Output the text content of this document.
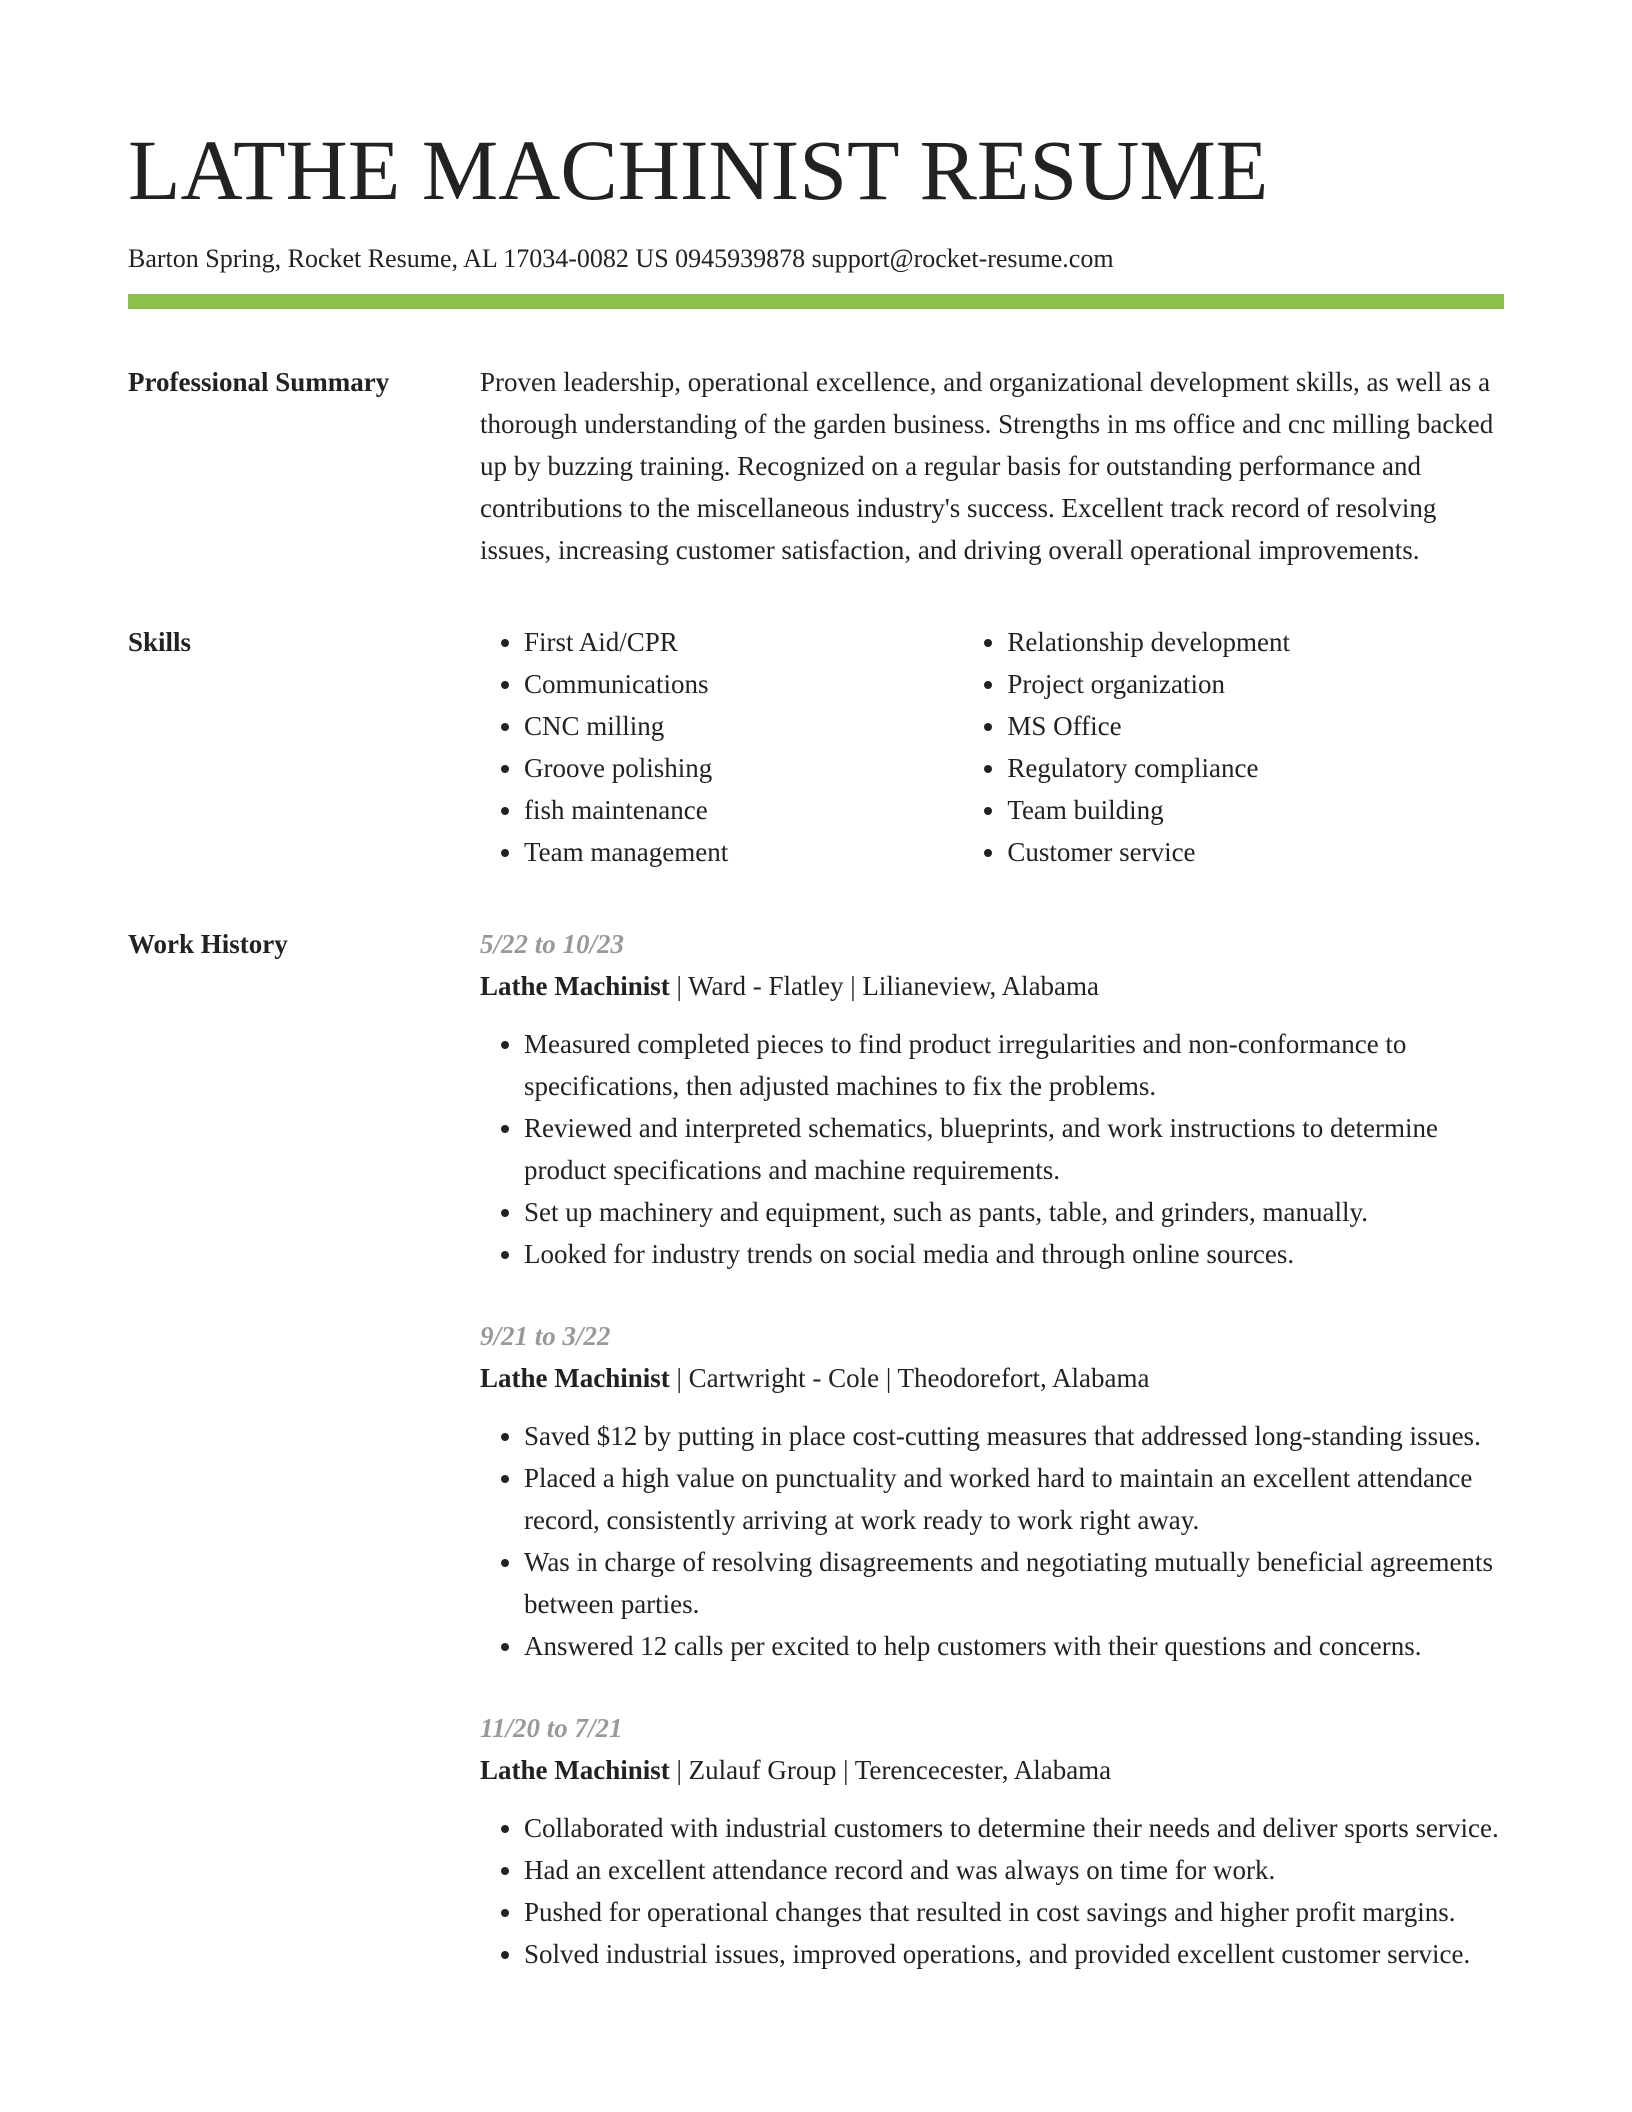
LATHE MACHINIST RESUME
Barton Spring, Rocket Resume, AL 17034-0082 US 0945939878 support@rocket-resume.com
Professional Summary	Proven leadership, operational excellence, and organizational development skills, as well as a thorough understanding of the garden business. Strengths in ms office and cnc milling backed up by buzzing training. Recognized on a regular basis for outstanding performance and contributions to the miscellaneous industry's success. Excellent track record of resolving issues, increasing customer satisfaction, and driving overall operational improvements.

Skills
•	First Aid/CPR
• Communications
• CNC milling
• Groove polishing
• fish maintenance
• Team management
• Relationship development
• Project organization
• MS Office
• Regulatory compliance
• Team building
• Customer service
Work History	5/22 to 10/23
Lathe Machinist | Ward - Flatley | Lilianeview, Alabama
• Measured completed pieces to find product irregularities and non-conformance to specifications, then adjusted machines to fix the problems.
• Reviewed and interpreted schematics, blueprints, and work instructions to determine product specifications and machine requirements.
• Set up machinery and equipment, such as pants, table, and grinders, manually.
• Looked for industry trends on social media and through online sources.
9/21 to 3/22
Lathe Machinist | Cartwright - Cole | Theodorefort, Alabama
• Saved $12 by putting in place cost-cutting measures that addressed long-standing issues.
• Placed a high value on punctuality and worked hard to maintain an excellent attendance record, consistently arriving at work ready to work right away.
• Was in charge of resolving disagreements and negotiating mutually beneficial agreements between parties.
• Answered 12 calls per excited to help customers with their questions and concerns.
11/20 to 7/21
Lathe Machinist | Zulauf Group | Terencecester, Alabama
• Collaborated with industrial customers to determine their needs and deliver sports service.
• Had an excellent attendance record and was always on time for work.
• Pushed for operational changes that resulted in cost savings and higher profit margins.
• Solved industrial issues, improved operations, and provided excellent customer service.
